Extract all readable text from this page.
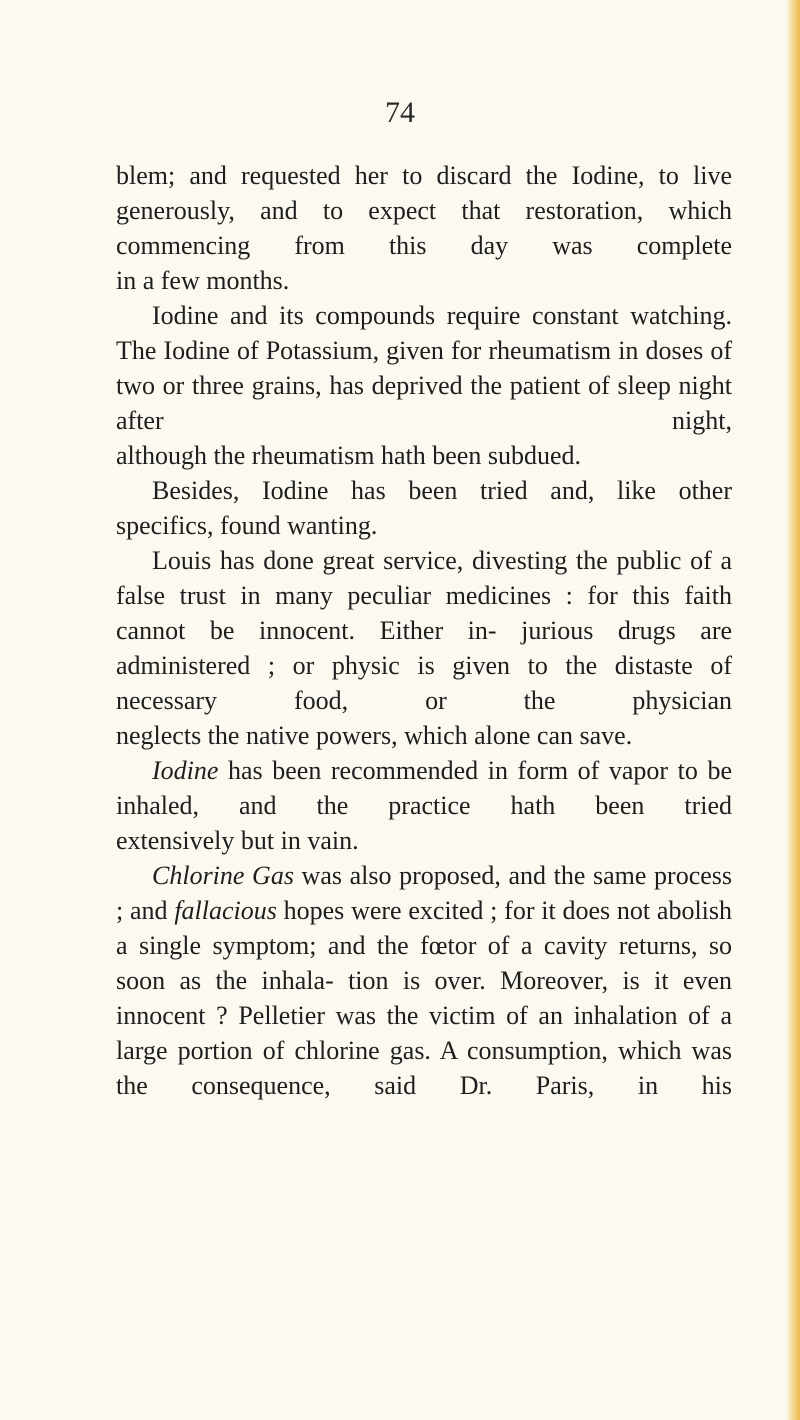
74

blem; and requested her to discard the Iodine, to live generously, and to expect that restoration, which commencing from this day was complete

in a few months.

Iodine and its compounds require constant watching. The Iodine of Potassium, given for rheumatism in doses of two or three grains, has deprived the patient of sleep night after night,

although the rheumatism hath been subdued.

Besides, Iodine has been tried and, like other

specifics, found wanting.

Louis has done great service, divesting the public of a false trust in many peculiar medicines : for this faith cannot be innocent. Either in- jurious drugs are administered ; or physic is given to the distaste of necessary food, or the physician

neglects the native powers, which alone can save.

Iodine has been recommended in form of vapor to be inhaled, and the practice hath been tried

extensively but in vain.

Chlorine Gas was also proposed, and the same process ; and fallacious hopes were excited ; for it does not abolish a single symptom; and the fœtor of a cavity returns, so soon as the inhala- tion is over. Moreover, is it even innocent ? Pelletier was the victim of an inhalation of a large portion of chlorine gas. A consumption, which was the consequence, said Dr. Paris, in his
